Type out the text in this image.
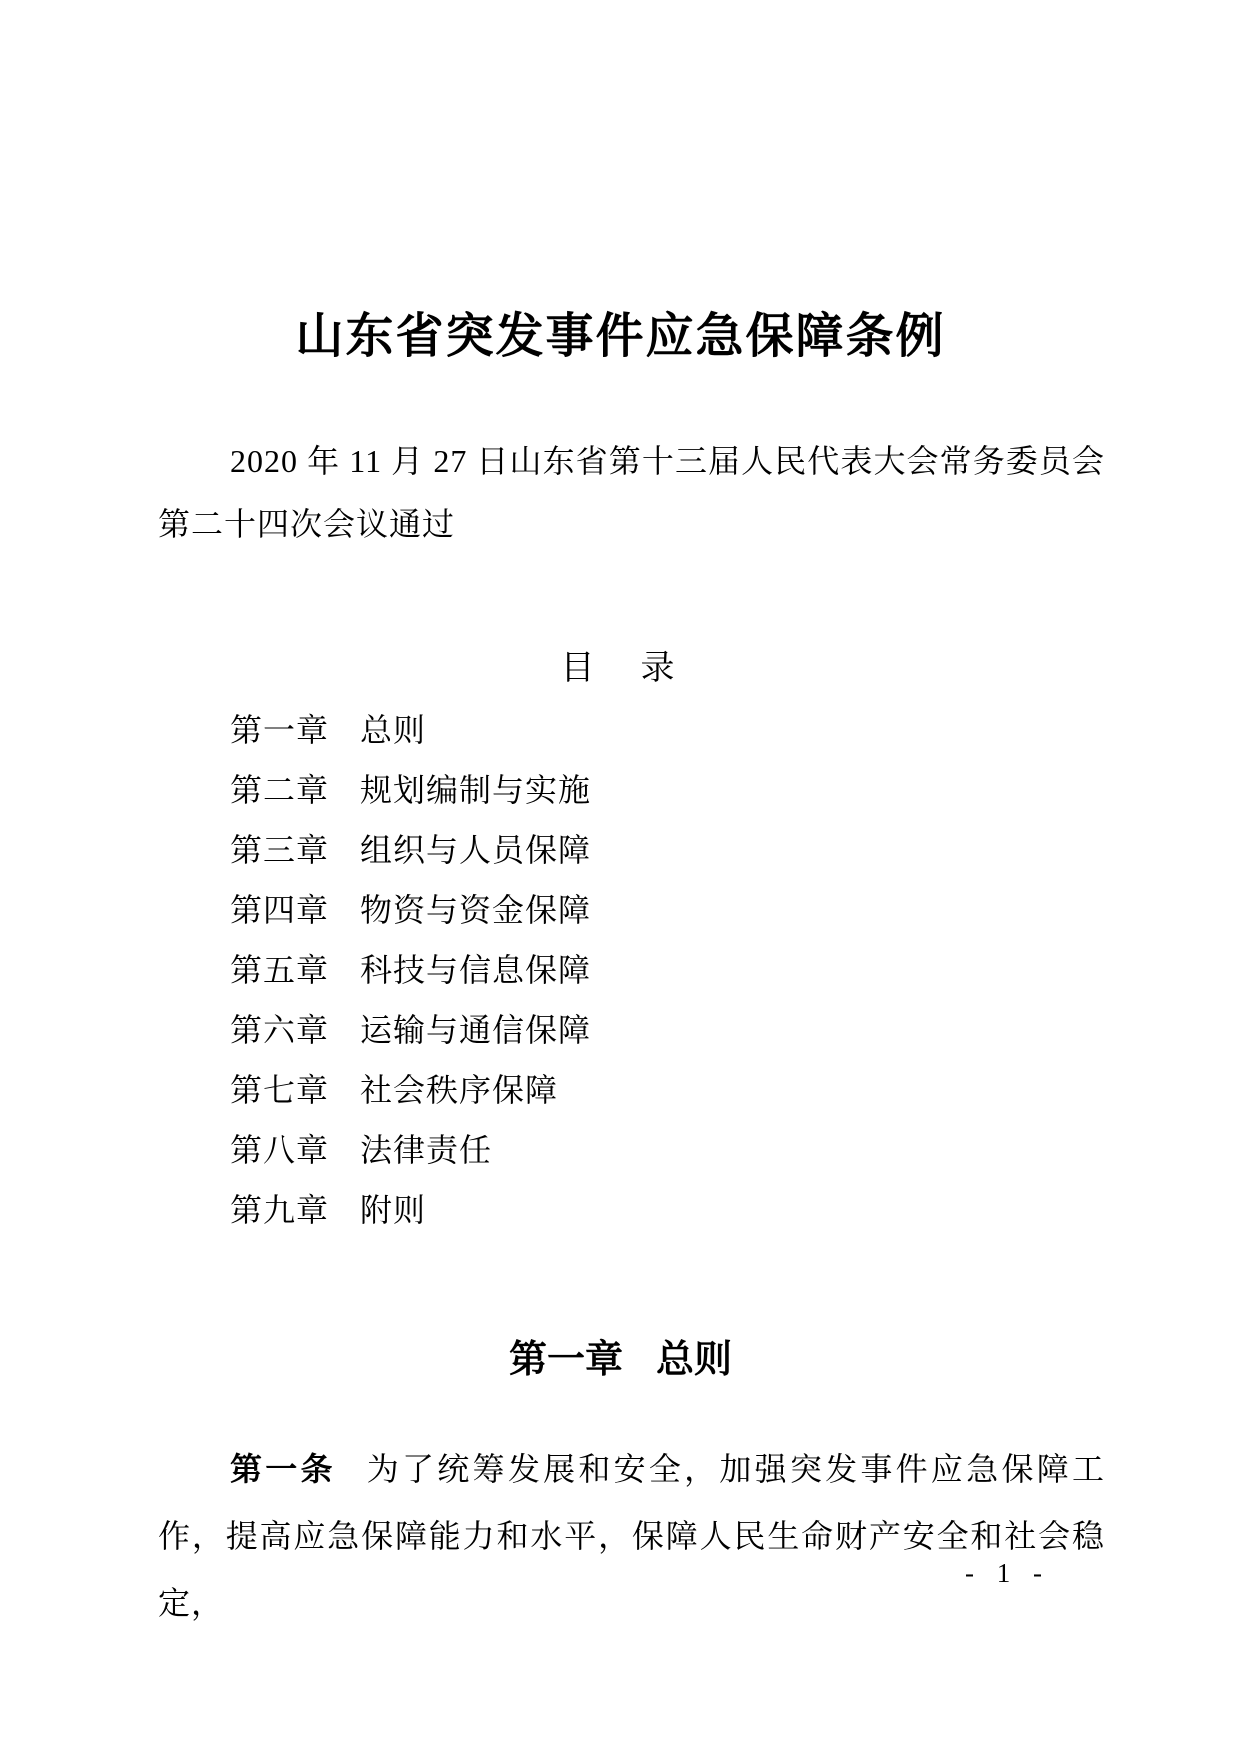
山东省突发事件应急保障条例

2020 年 11 月 27 日山东省第十三届人民代表大会常务委员会第二十四次会议通过

目　录
第一章 总则
第二章 规划编制与实施
第三章 组织与人员保障
第四章 物资与资金保障
第五章 科技与信息保障
第六章 运输与通信保障
第七章 社会秩序保障
第八章 法律责任
第九章 附则
第一章 总则

第一条 为了统筹发展和安全，加强突发事件应急保障工作，提高应急保障能力和水平，保障人民生命财产安全和社会稳定，

- 1 -
